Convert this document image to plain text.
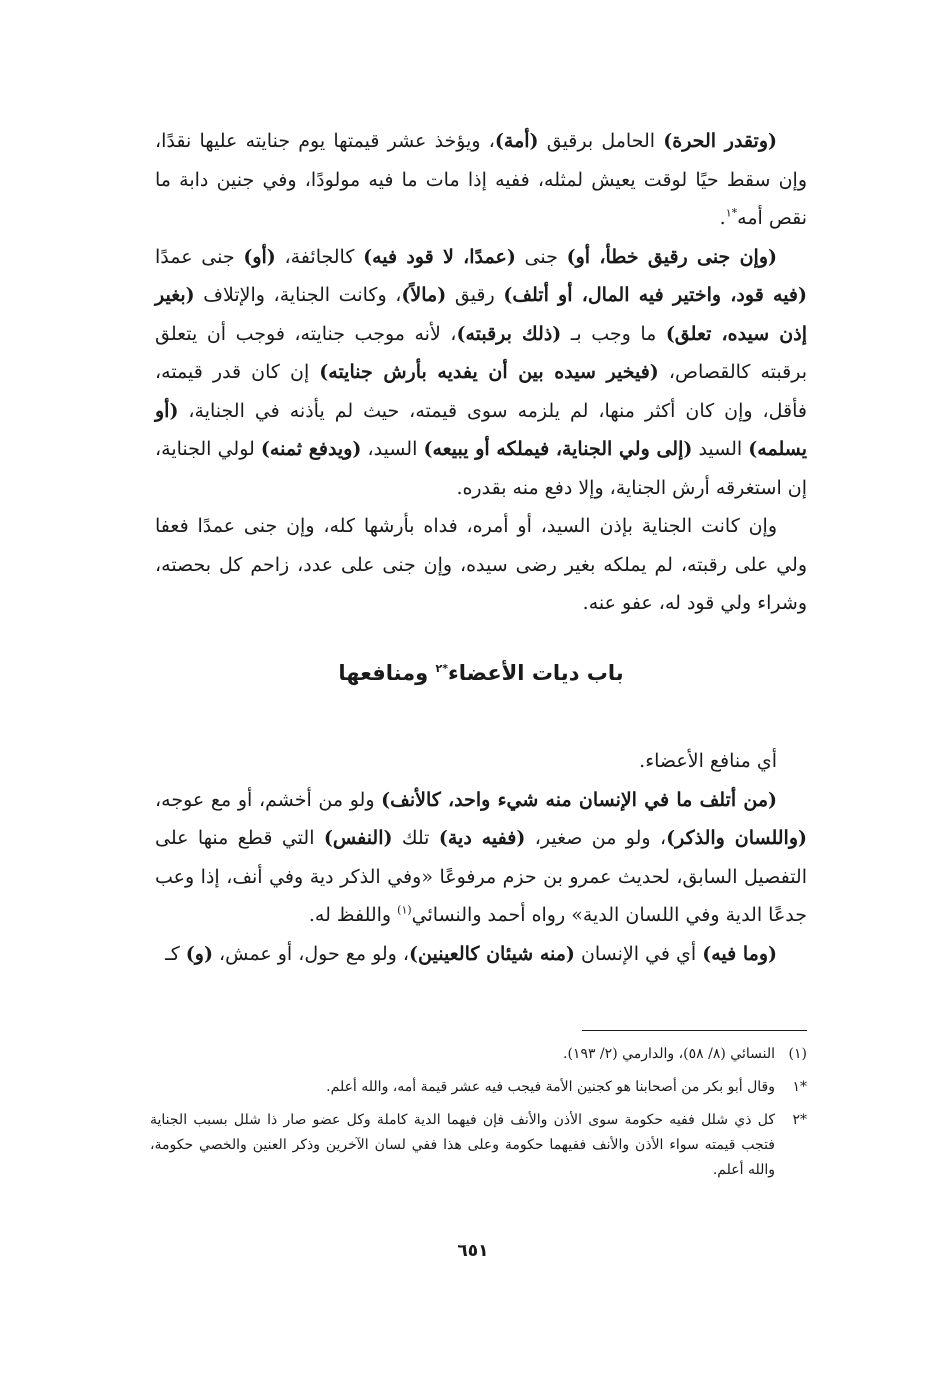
(وتقدر الحرة) الحامل برقيق (أمة)، ويؤخذ عشر قيمتها يوم جنايته عليها نقدًا، وإن سقط حيًا لوقت يعيش لمثله، ففيه إذا مات ما فيه مولودًا، وفي جنين دابة ما نقص أمه$^{*١}$.

(وإن جنى رقيق خطأ، أو) جنى (عمدًا، لا قود فيه) كالجائفة، (أو) جنى عمدًا (فيه قود، واختير فيه المال، أو أتلف) رقيق (مالاً)، وكانت الجناية، والإتلاف (بغير إذن سيده، تعلق) ما وجب بـ (ذلك برقبته)، لأنه موجب جنايته، فوجب أن يتعلق برقبته كالقصاص، (فيخير سيده بين أن يفديه بأرش جنايته) إن كان قدر قيمته، فأقل، وإن كان أكثر منها، لم يلزمه سوى قيمته، حيث لم يأذنه في الجناية، (أو يسلمه) السيد (إلى ولي الجناية، فيملكه أو يبيعه) السيد، (ويدفع ثمنه) لولي الجناية، إن استغرقه أرش الجناية، وإلا دفع منه بقدره.

وإن كانت الجناية بإذن السيد، أو أمره، فداه بأرشها كله، وإن جنى عمدًا فعفا ولي على رقبته، لم يملكه بغير رضى سيده، وإن جنى على عدد، زاحم كل بحصته، وشراء ولي قود له، عفو عنه.

باب ديات الأعضاء$^{*٢}$ ومنافعها

أي منافع الأعضاء.

(من أتلف ما في الإنسان منه شيء واحد، كالأنف) ولو من أخشم، أو مع عوجه، (واللسان والذكر)، ولو من صغير، (ففيه دية) تلك (النفس) التي قطع منها على التفصيل السابق، لحديث عمرو بن حزم مرفوعًا «وفي الذكر دية وفي أنف، إذا وعب جدعًا الدية وفي اللسان الدية» رواه أحمد والنسائي$^{(١)}$ واللفظ له.

(وما فيه) أي في الإنسان (منه شيئان كالعينين)، ولو مع حول، أو عمش، (و) كـ

(١)
النسائي (٨/ ٥٨)، والدارمي (٢/ ١٩٣).
*١
وقال أبو بكر من أصحابنا هو كجنين الأمة فيجب فيه عشر قيمة أمه، والله أعلم.
*٢
كل ذي شلل ففيه حكومة سوى الأذن والأنف فإن فيهما الدية كاملة وكل عضو صار ذا شلل بسبب الجناية فتجب قيمته سواء الأذن والأنف ففيهما حكومة وعلى هذا ففي لسان الآخرين وذكر العنين والخصي حكومة، والله أعلم.
٦٥١
